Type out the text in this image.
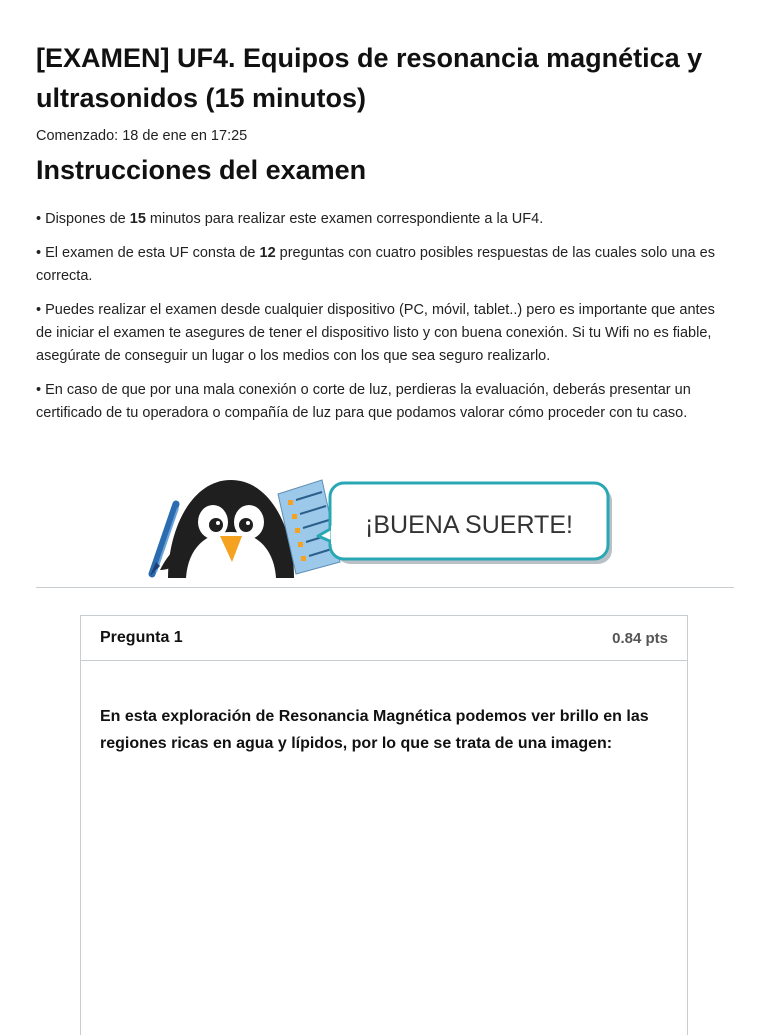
[EXAMEN] UF4. Equipos de resonancia magnética y ultrasonidos (15 minutos)
Comenzado: 18 de ene en 17:25
Instrucciones del examen

• Dispones de 15 minutos para realizar este examen correspondiente a la UF4.

• El examen de esta UF consta de 12 preguntas con cuatro posibles respuestas de las cuales solo una es correcta.

• Puedes realizar el examen desde cualquier dispositivo (PC, móvil, tablet..) pero es importante que antes de iniciar el examen te asegures de tener el dispositivo listo y con buena conexión. Si tu Wifi no es fiable, asegúrate de conseguir un lugar o los medios con los que sea seguro realizarlo.

• En caso de que por una mala conexión o corte de luz, perdieras la evaluación, deberás presentar un certificado de tu operadora o compañía de luz para que podamos valorar cómo proceder con tu caso.

¡BUENA SUERTE!
Pregunta 1	0.84 pts
En esta exploración de Resonancia Magnética podemos ver brillo en las regiones ricas en agua y lípidos, por lo que se trata de una imagen:
